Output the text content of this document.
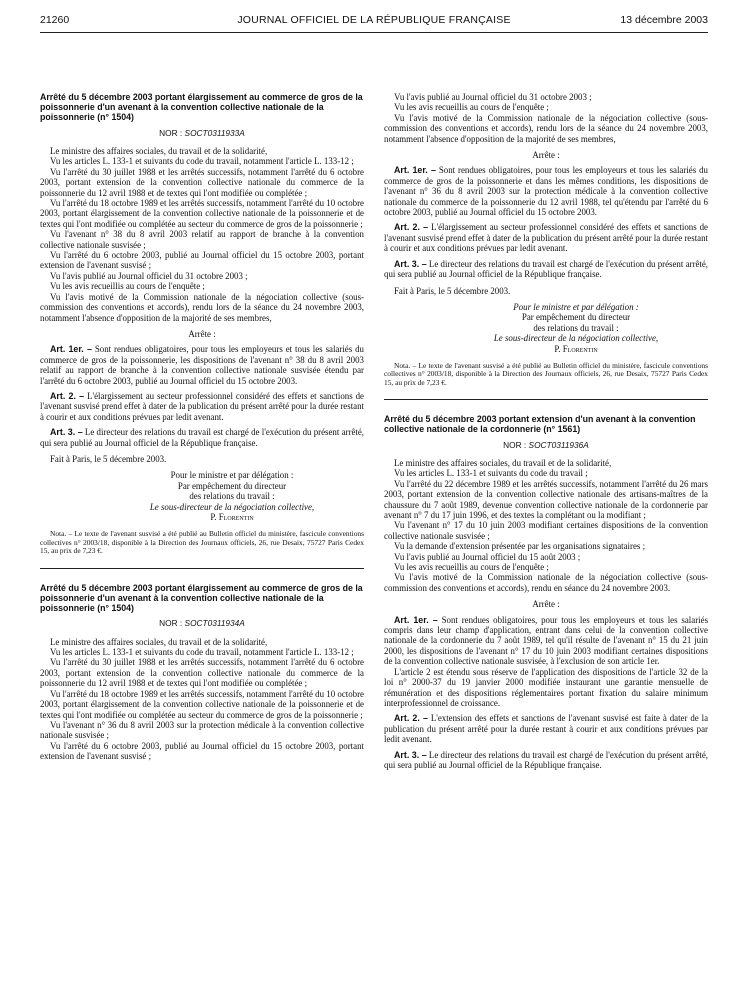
21260	JOURNAL OFFICIEL DE LA RÉPUBLIQUE FRANÇAISE	13 décembre 2003
Arrêté du 5 décembre 2003 portant élargissement au commerce de gros de la poissonnerie d'un avenant à la convention collective nationale de la poissonnerie (n° 1504)
NOR : SOCT0311933A

Le ministre des affaires sociales, du travail et de la solidarité,

Vu les articles L. 133-1 et suivants du code du travail, notamment l'article L. 133-12 ;

Vu l'arrêté du 30 juillet 1988 et les arrêtés successifs, notamment l'arrêté du 6 octobre 2003, portant extension de la convention collective nationale du commerce de la poissonnerie du 12 avril 1988 et de textes qui l'ont modifiée ou complétée ;

Vu l'arrêté du 18 octobre 1989 et les arrêtés successifs, notamment l'arrêté du 10 octobre 2003, portant élargissement de la convention collective nationale de la poissonnerie et de textes qui l'ont modifiée ou complétée au secteur du commerce de gros de la poissonnerie ;

Vu l'avenant n° 38 du 8 avril 2003 relatif au rapport de branche à la convention collective nationale susvisée ;

Vu l'arrêté du 6 octobre 2003, publié au Journal officiel du 15 octobre 2003, portant extension de l'avenant susvisé ;

Vu l'avis publié au Journal officiel du 31 octobre 2003 ;

Vu les avis recueillis au cours de l'enquête ;

Vu l'avis motivé de la Commission nationale de la négociation collective (sous-commission des conventions et accords), rendu lors de la séance du 24 novembre 2003, notamment l'absence d'opposition de la majorité de ses membres,

Arrête :

Art. 1er. – Sont rendues obligatoires, pour tous les employeurs et tous les salariés du commerce de gros de la poissonnerie, les dispositions de l'avenant n° 38 du 8 avril 2003 relatif au rapport de branche à la convention collective nationale susvisée étendu par l'arrêté du 6 octobre 2003, publié au Journal officiel du 15 octobre 2003.

Art. 2. – L'élargissement au secteur professionnel considéré des effets et sanctions de l'avenant susvisé prend effet à dater de la publication du présent arrêté pour la durée restant à courir et aux conditions prévues par ledit avenant.

Art. 3. – Le directeur des relations du travail est chargé de l'exécution du présent arrêté, qui sera publié au Journal officiel de la République française.

Fait à Paris, le 5 décembre 2003.

Pour le ministre et par délégation :
Par empêchement du directeur
des relations du travail :
Le sous-directeur de la négociation collective,
P. Florentin

Nota. – Le texte de l'avenant susvisé a été publié au Bulletin officiel du ministère, fascicule conventions collectives n° 2003/18, disponible à la Direction des Journaux officiels, 26, rue Desaix, 75727 Paris Cedex 15, au prix de 7,23 €.

Arrêté du 5 décembre 2003 portant élargissement au commerce de gros de la poissonnerie d'un avenant à la convention collective nationale de la poissonnerie (n° 1504)
NOR : SOCT0311934A

Le ministre des affaires sociales, du travail et de la solidarité,

Vu les articles L. 133-1 et suivants du code du travail, notamment l'article L. 133-12 ;

Vu l'arrêté du 30 juillet 1988 et les arrêtés successifs, notamment l'arrêté du 6 octobre 2003, portant extension de la convention collective nationale du commerce de la poissonnerie du 12 avril 1988 et de textes qui l'ont modifiée ou complétée ;

Vu l'arrêté du 18 octobre 1989 et les arrêtés successifs, notamment l'arrêté du 10 octobre 2003, portant élargissement de la convention collective nationale de la poissonnerie et de textes qui l'ont modifiée ou complétée au secteur du commerce de gros de la poissonnerie ;

Vu l'avenant n° 36 du 8 avril 2003 sur la protection médicale à la convention collective nationale susvisée ;

Vu l'arrêté du 6 octobre 2003, publié au Journal officiel du 15 octobre 2003, portant extension de l'avenant susvisé ;

Vu l'avis publié au Journal officiel du 31 octobre 2003 ;

Vu les avis recueillis au cours de l'enquête ;

Vu l'avis motivé de la Commission nationale de la négociation collective (sous-commission des conventions et accords), rendu lors de la séance du 24 novembre 2003, notamment l'absence d'opposition de la majorité de ses membres,

Arrête :

Art. 1er. – Sont rendues obligatoires, pour tous les employeurs et tous les salariés du commerce de gros de la poissonnerie et dans les mêmes conditions, les dispositions de l'avenant n° 36 du 8 avril 2003 sur la protection médicale à la convention collective nationale du commerce de la poissonnerie du 12 avril 1988, tel qu'étendu par l'arrêté du 6 octobre 2003, publié au Journal officiel du 15 octobre 2003.

Art. 2. – L'élargissement au secteur professionnel considéré des effets et sanctions de l'avenant susvisé prend effet à dater de la publication du présent arrêté pour la durée restant à courir et aux conditions prévues par ledit avenant.

Art. 3. – Le directeur des relations du travail est chargé de l'exécution du présent arrêté, qui sera publié au Journal officiel de la République française.

Fait à Paris, le 5 décembre 2003.

Pour le ministre et par délégation :
Par empêchement du directeur
des relations du travail :
Le sous-directeur de la négociation collective,
P. Florentin

Nota. – Le texte de l'avenant susvisé a été publié au Bulletin officiel du ministère, fascicule conventions collectives n° 2003/18, disponible à la Direction des Journaux officiels, 26, rue Desaix, 75727 Paris Cedex 15, au prix de 7,23 €.

Arrêté du 5 décembre 2003 portant extension d'un avenant à la convention collective nationale de la cordonnerie (n° 1561)
NOR : SOCT0311936A

Le ministre des affaires sociales, du travail et de la solidarité,

Vu les articles L. 133-1 et suivants du code du travail ;

Vu l'arrêté du 22 décembre 1989 et les arrêtés successifs, notamment l'arrêté du 26 mars 2003, portant extension de la convention collective nationale des artisans-maîtres de la chaussure du 7 août 1989, devenue convention collective nationale de la cordonnerie par avenant n° 7 du 17 juin 1996, et des textes la complétant ou la modifiant ;

Vu l'avenant n° 17 du 10 juin 2003 modifiant certaines dispositions de la convention collective nationale susvisée ;

Vu la demande d'extension présentée par les organisations signataires ;

Vu l'avis publié au Journal officiel du 15 août 2003 ;

Vu les avis recueillis au cours de l'enquête ;

Vu l'avis motivé de la Commission nationale de la négociation collective (sous-commission des conventions et accords), rendu en séance du 24 novembre 2003.

Arrête :

Art. 1er. – Sont rendues obligatoires, pour tous les employeurs et tous les salariés compris dans leur champ d'application, entrant dans celui de la convention collective nationale de la cordonnerie du 7 août 1989, tel qu'il résulte de l'avenant n° 15 du 21 juin 2000, les dispositions de l'avenant n° 17 du 10 juin 2003 modifiant certaines dispositions de la convention collective nationale susvisée, à l'exclusion de son article 1er.

L'article 2 est étendu sous réserve de l'application des dispositions de l'article 32 de la loi n° 2000-37 du 19 janvier 2000 modifiée instaurant une garantie mensuelle de rémunération et des dispositions réglementaires portant fixation du salaire minimum interprofessionnel de croissance.

Art. 2. – L'extension des effets et sanctions de l'avenant susvisé est faite à dater de la publication du présent arrêté pour la durée restant à courir et aux conditions prévues par ledit avenant.

Art. 3. – Le directeur des relations du travail est chargé de l'exécution du présent arrêté, qui sera publié au Journal officiel de la République française.
